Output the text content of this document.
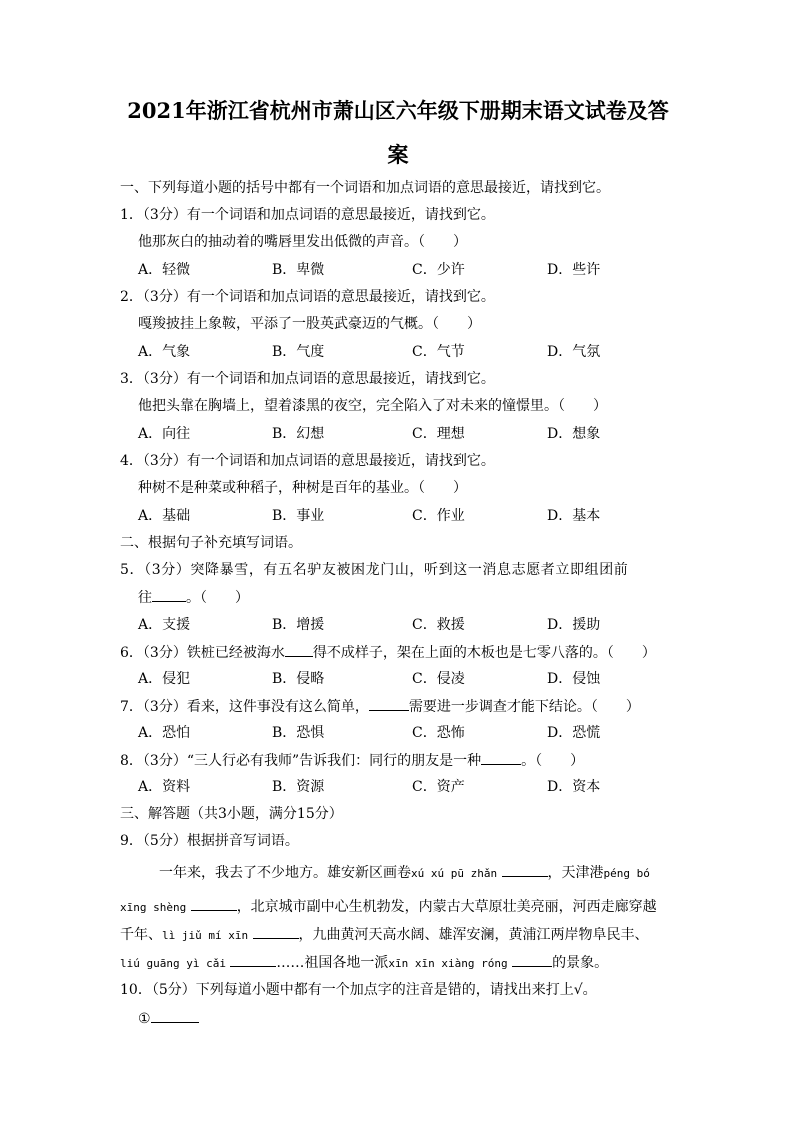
2021年浙江省杭州市萧山区六年级下册期末语文试卷及答
案

一、下列每道小题的括号中都有一个词语和加点词语的意思最接近，请找到它。

1．（3分）有一个词语和加点词语的意思最接近，请找到它。

他那灰白的抽动着的嘴唇里发出低微的声音。（　　）

A．轻微	B．卑微	C．少许	D．些许

2．（3分）有一个词语和加点词语的意思最接近，请找到它。

嘎羧披挂上象鞍，平添了一股英武豪迈的气概。（　　）

A．气象	B．气度	C．气节	D．气氛

3．（3分）有一个词语和加点词语的意思最接近，请找到它。

他把头靠在胸墙上，望着漆黑的夜空，完全陷入了对未来的憧憬里。（　　）

A．向往	B．幻想	C．理想	D．想象

4．（3分）有一个词语和加点词语的意思最接近，请找到它。

种树不是种菜或种稻子，种树是百年的基业。（　　）

A．基础	B．事业	C．作业	D．基本

二、根据句子补充填写词语。

5．（3分）突降暴雪，有五名驴友被困龙门山，听到这一消息志愿者立即组团前

往 。（　　）

A．支援	B．增援	C．救援	D．援助

6．（3分）铁桩已经被海水 得不成样子，架在上面的木板也是七零八落的。（　　）

A．侵犯	B．侵略	C．侵凌	D．侵蚀

7．（3分）看来，这件事没有这么简单，	需要进一步调查才能下结论。（　　）

A．恐怕	B．恐惧	C．恐怖	D．恐慌

8．（3分）“三人行必有我师”告诉我们：同行的朋友是一种	。（　　）

A．资料	B．资源	C．资产	D．资本

三、解答题（共3小题，满分15分）

9．（5分）根据拼音写词语。

一年来，我去了不少地方。雄安新区画卷xú xú pū zhǎn	，天津港péng bó

xīng shèng	，北京城市副中心生机勃发，内蒙古大草原壮美亮丽，河西走廊穿越

千年、lì jiǔ mí xīn	，九曲黄河天高水阔、雄浑安澜，黄浦江两岸物阜民丰、

liú guāng yì cǎi	……祖国各地一派xīn xīn xiàng róng	的景象。

10．（5分）下列每道小题中都有一个加点字的注音是错的，请找出来打上√。

①
